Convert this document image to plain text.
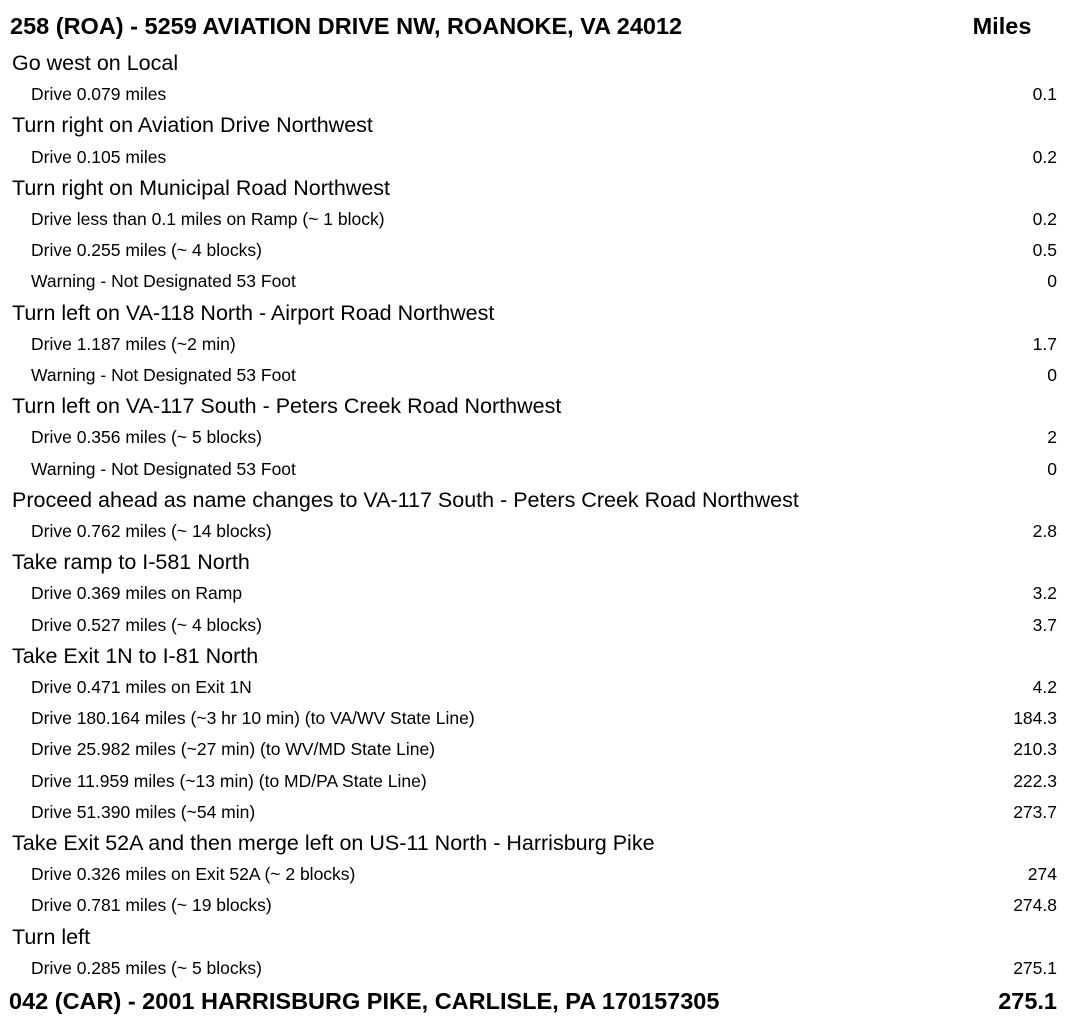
258 (ROA) - 5259 AVIATION DRIVE NW, ROANOKE, VA 24012	Miles
Go west on Local
Drive 0.079 miles	0.1
Turn right on Aviation Drive Northwest
Drive 0.105 miles	0.2
Turn right on Municipal Road Northwest
Drive less than 0.1 miles on Ramp (~ 1 block)	0.2
Drive 0.255 miles (~ 4 blocks)	0.5
Warning - Not Designated 53 Foot	0
Turn left on VA-118 North - Airport Road Northwest
Drive 1.187 miles (~2 min)	1.7
Warning - Not Designated 53 Foot	0
Turn left on VA-117 South - Peters Creek Road Northwest
Drive 0.356 miles (~ 5 blocks)	2
Warning - Not Designated 53 Foot	0
Proceed ahead as name changes to VA-117 South - Peters Creek Road Northwest
Drive 0.762 miles (~ 14 blocks)	2.8
Take ramp to I-581 North
Drive 0.369 miles on Ramp	3.2
Drive 0.527 miles (~ 4 blocks)	3.7
Take Exit 1N to I-81 North
Drive 0.471 miles on Exit 1N	4.2
Drive 180.164 miles (~3 hr 10 min) (to VA/WV State Line)	184.3
Drive 25.982 miles (~27 min) (to WV/MD State Line)	210.3
Drive 11.959 miles (~13 min) (to MD/PA State Line)	222.3
Drive 51.390 miles (~54 min)	273.7
Take Exit 52A and then merge left on US-11 North - Harrisburg Pike
Drive 0.326 miles on Exit 52A (~ 2 blocks)	274
Drive 0.781 miles (~ 19 blocks)	274.8
Turn left
Drive 0.285 miles (~ 5 blocks)	275.1
042 (CAR) - 2001 HARRISBURG PIKE, CARLISLE, PA 170157305	275.1
